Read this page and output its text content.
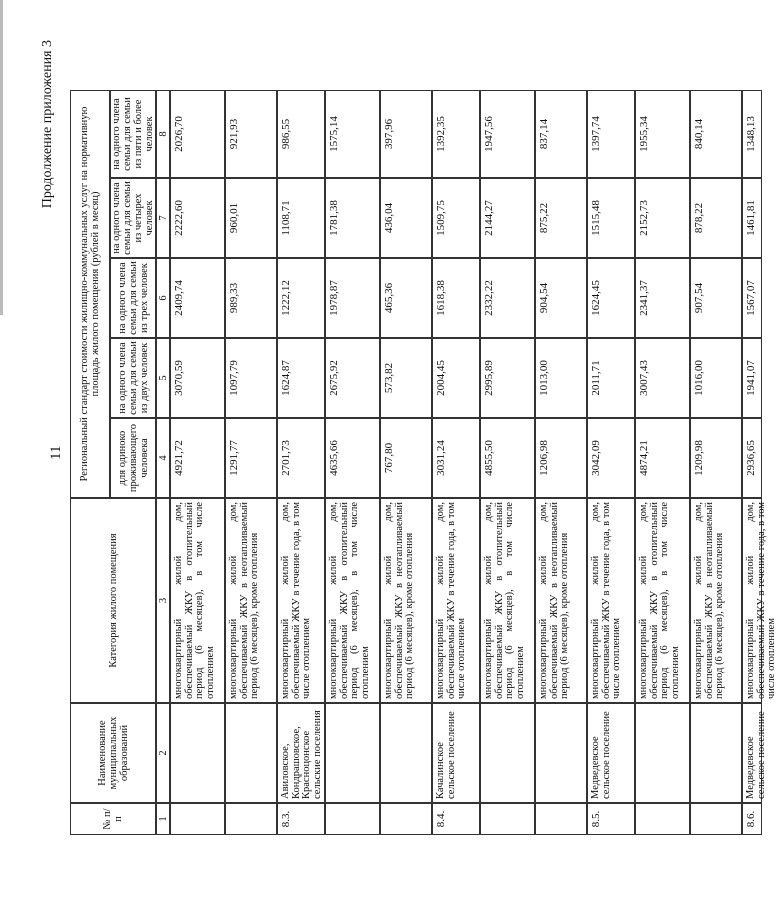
11
Продолжение приложения 3
№ п/п
Наименование муниципальных образований
Категория жилого помещения
Региональный стандарт стоимости жилищно-коммунальных услуг на нормативную площадь жилого помещения (рублей в месяц)
для одиноко проживающего человека
на одного члена семьи для семьи из двух человек
на одного члена семьи для семьи из трех человек
на одного члена семьи для семьи из четырех человек
на одного члена семьи для семьи из пяти и более человек
1
2
3
4
5
6
7
8
многоквартирный жилой дом, обеспечиваемый ЖКУ в отопительный период (6 месяцев), в том числе отоплением
4921,72
3070,59
2409,74
2222,60
2026,70
многоквартирный жилой дом, обеспечиваемый ЖКУ в неотапливаемый период (6 месяцев), кроме отопления
1291,77
1097,79
989,33
960,01
921,93
8.3.
Авиловское, Кондрашовское, Красноцонское сельские поселения
многоквартирный жилой дом, обеспечиваемый ЖКУ в течение года, в том числе отоплением
2701,73
1624,87
1222,12
1108,71
986,55
многоквартирный жилой дом, обеспечиваемый ЖКУ в отопительный период (6 месяцев), в том числе отоплением
4635,66
2675,92
1978,87
1781,38
1575,14
многоквартирный жилой дом, обеспечиваемый ЖКУ в неотапливаемый период (6 месяцев), кроме отопления
767,80
573,82
465,36
436,04
397,96
8.4.
Качалинское сельское поселение
многоквартирный жилой дом, обеспечиваемый ЖКУ в течение года, в том числе отоплением
3031,24
2004,45
1618,38
1509,75
1392,35
многоквартирный жилой дом, обеспечиваемый ЖКУ в отопительный период (6 месяцев), в том числе отоплением
4855,50
2995,89
2332,22
2144,27
1947,56
многоквартирный жилой дом, обеспечиваемый ЖКУ в неотапливаемый период (6 месяцев), кроме отопления
1206,98
1013,00
904,54
875,22
837,14
8.5.
Медведевское сельское поселение
многоквартирный жилой дом, обеспечиваемый ЖКУ в течение года, в том числе отоплением
3042,09
2011,71
1624,45
1515,48
1397,74
многоквартирный жилой дом, обеспечиваемый ЖКУ в отопительный период (6 месяцев), в том числе отоплением
4874,21
3007,43
2341,37
2152,73
1955,34
многоквартирный жилой дом, обеспечиваемый ЖКУ в неотапливаемый период (6 месяцев), кроме отопления
1209,98
1016,00
907,54
878,22
840,14
8.6.
Медведевское сельское поселение
многоквартирный жилой дом, обеспечиваемый ЖКУ в течение года, в том числе отоплением
2936,65
1941,07
1567,07
1461,81
1348,13
